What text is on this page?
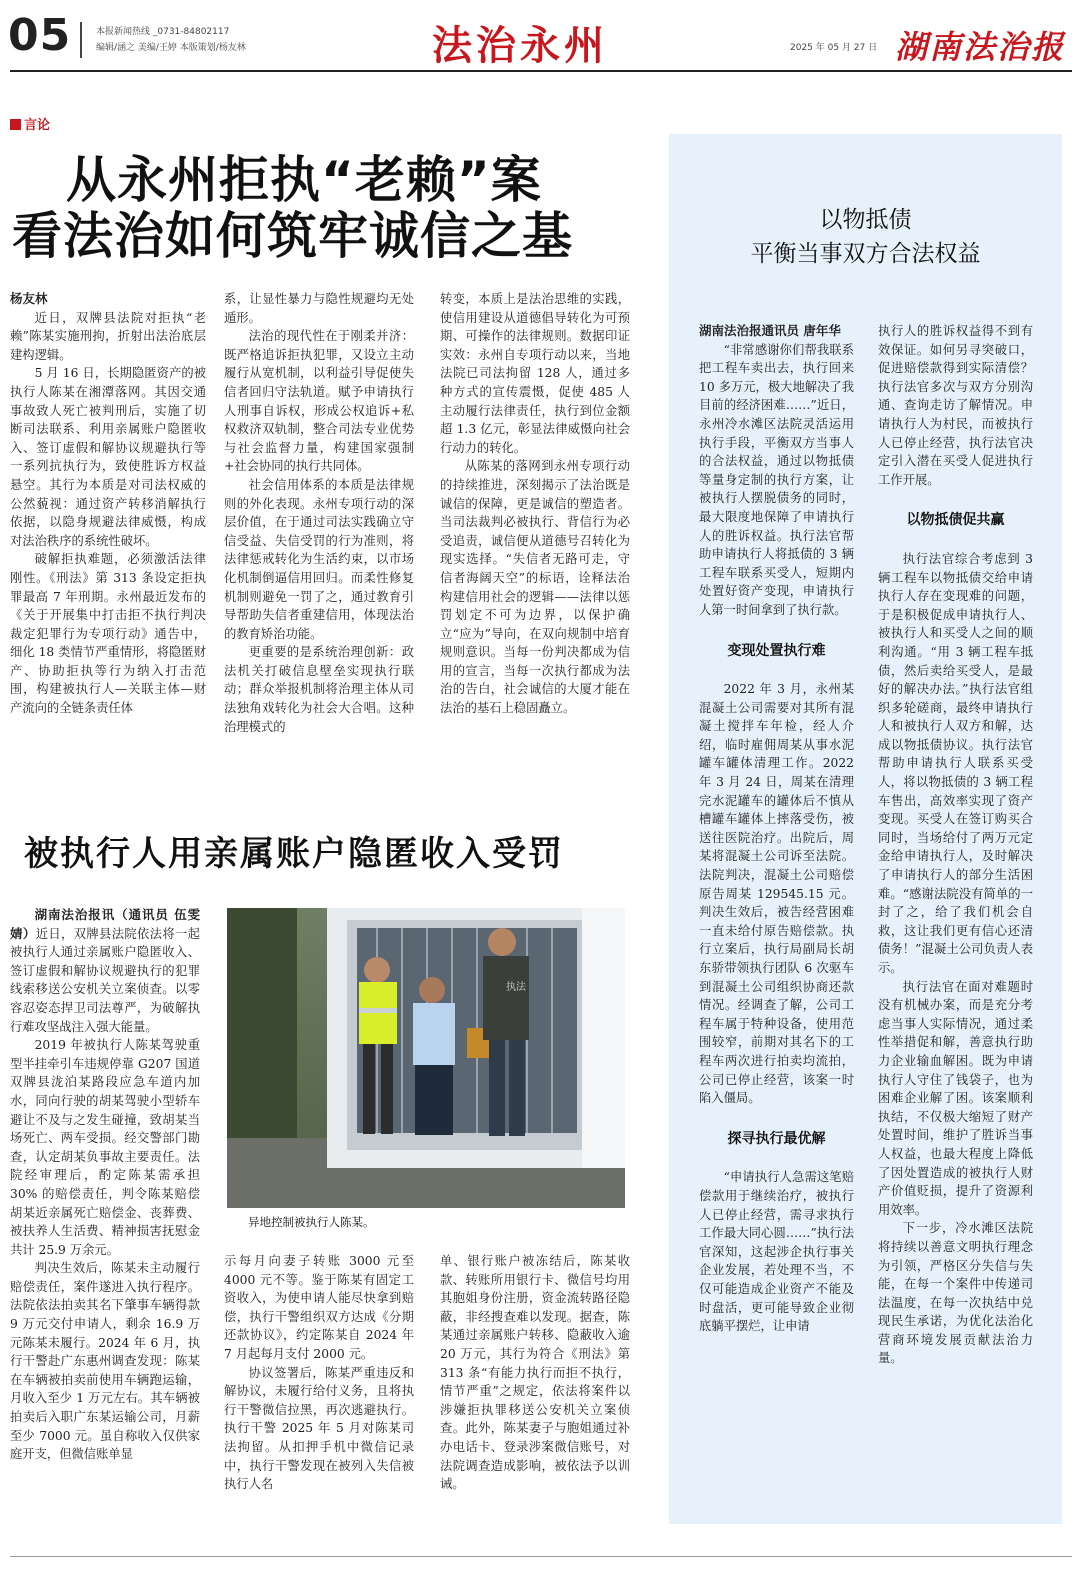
05	本报新闻热线 _0731-84802117
编辑/涵之 美编/王婷 本版策划/杨友林	法治永州	2025 年 05 月 27 日 湖南法治报
言论
从永州拒执“老赖”案
看法治如何筑牢诚信之基
杨友林

近日，双牌县法院对拒执“老赖”陈某实施刑拘，折射出法治底层建构逻辑。

5 月 16 日，长期隐匿资产的被执行人陈某在湘潭落网。其因交通事故致人死亡被判刑后，实施了切断司法联系、利用亲属账户隐匿收入、签订虚假和解协议规避执行等一系列抗执行为，致使胜诉方权益悬空。其行为本质是对司法权威的公然藐视：通过资产转移消解执行依据，以隐身规避法律威慑，构成对法治秩序的系统性破坏。

破解拒执难题，必须激活法律刚性。《刑法》第 313 条设定拒执罪最高 7 年刑期。永州最近发布的《关于开展集中打击拒不执行判决裁定犯罪行为专项行动》通告中，细化 18 类情节严重情形，将隐匿财产、协助拒执等行为纳入打击范围，构建被执行人—关联主体—财产流向的全链条责任体

系，让显性暴力与隐性规避均无处遁形。

法治的现代性在于刚柔并济：既严格追诉拒执犯罪，又设立主动履行从宽机制，以利益引导促使失信者回归守法轨道。赋予申请执行人刑事自诉权，形成公权追诉+私权救济双轨制，整合司法专业优势与社会监督力量，构建国家强制+社会协同的执行共同体。

社会信用体系的本质是法律规则的外化表现。永州专项行动的深层价值，在于通过司法实践确立守信受益、失信受罚的行为准则，将法律惩戒转化为生活约束，以市场化机制倒逼信用回归。而柔性修复机制则避免一罚了之，通过教育引导帮助失信者重建信用，体现法治的教育矫治功能。

更重要的是系统治理创新：政法机关打破信息壁垒实现执行联动；群众举报机制将治理主体从司法独角戏转化为社会大合唱。这种治理模式的

转变，本质上是法治思维的实践，使信用建设从道德倡导转化为可预期、可操作的法律规则。数据印证实效：永州自专项行动以来，当地法院已司法拘留 128 人，通过多种方式的宣传震慑，促使 485 人主动履行法律责任，执行到位金额超 1.3 亿元，彰显法律威慑向社会行动力的转化。

从陈某的落网到永州专项行动的持续推进，深刻揭示了法治既是诚信的保障，更是诚信的塑造者。当司法裁判必被执行、背信行为必受追责，诚信便从道德号召转化为现实选择。“失信者无路可走，守信者海阔天空”的标语，诠释法治构建信用社会的逻辑——法律以惩罚划定不可为边界，以保护确立“应为”导向，在双向规制中培育规则意识。当每一份判决都成为信用的宣言，当每一次执行都成为法治的告白，社会诚信的大厦才能在法治的基石上稳固矗立。

被执行人用亲属账户隐匿收入受罚

湖南法治报讯（通讯员 伍雯婧）近日，双牌县法院依法将一起被执行人通过亲属账户隐匿收入、签订虚假和解协议规避执行的犯罪线索移送公安机关立案侦查。以零容忍姿态捍卫司法尊严，为破解执行难攻坚战注入强大能量。

2019 年被执行人陈某驾驶重型半挂牵引车违规停靠 G207 国道双牌县泷泊某路段应急车道内加水，同向行驶的胡某驾驶小型轿车避让不及与之发生碰撞，致胡某当场死亡、两车受损。经交警部门勘查，认定胡某负事故主要责任。法院经审理后，酌定陈某需承担 30% 的赔偿责任，判令陈某赔偿胡某近亲属死亡赔偿金、丧葬费、被扶养人生活费、精神损害抚慰金共计 25.9 万余元。

判决生效后，陈某未主动履行赔偿责任，案件遂进入执行程序。法院依法拍卖其名下肇事车辆得款 9 万元交付申请人，剩余 16.9 万元陈某未履行。2024 年 6 月，执行干警赴广东惠州调查发现：陈某在车辆被拍卖前使用车辆跑运输，月收入至少 1 万元左右。其车辆被拍卖后入职广东某运输公司，月薪至少 7000 元。虽自称收入仅供家庭开支，但微信账单显

执法
异地控制被执行人陈某。

示每月向妻子转账 3000 元至 4000 元不等。鉴于陈某有固定工资收入，为使申请人能尽快拿到赔偿，执行干警组织双方达成《分期还款协议》，约定陈某自 2024 年 7 月起每月支付 2000 元。

协议签署后，陈某严重违反和解协议，未履行给付义务，且将执行干警微信拉黑，再次逃避执行。执行干警 2025 年 5 月对陈某司法拘留。从扣押手机中微信记录中，执行干警发现在被列入失信被执行人名

单、银行账户被冻结后，陈某收款、转账所用银行卡、微信号均用其胞姐身份注册，资金流转路径隐蔽，非经搜查难以发现。据查，陈某通过亲属账户转移、隐蔽收入逾 20 万元，其行为符合《刑法》第 313 条“有能力执行而拒不执行，情节严重”之规定，依法将案件以涉嫌拒执罪移送公安机关立案侦查。此外，陈某妻子与胞姐通过补办电话卡、登录涉案微信账号，对法院调查造成影响，被依法予以训诫。

以物抵债
平衡当事双方合法权益
湖南法治报通讯员 唐年华

“非常感谢你们帮我联系把工程车卖出去，执行回来 10 多万元，极大地解决了我目前的经济困难……”近日，永州冷水滩区法院灵活运用执行手段，平衡双方当事人的合法权益，通过以物抵债等量身定制的执行方案，让被执行人摆脱债务的同时，最大限度地保障了申请执行人的胜诉权益。执行法官帮助申请执行人将抵债的 3 辆工程车联系买受人，短期内处置好资产变现，申请执行人第一时间拿到了执行款。

变现处置执行难

2022 年 3 月，永州某混凝土公司需要对其所有混凝土搅拌车年检，经人介绍，临时雇佣周某从事水泥罐车罐体清理工作。2022 年 3 月 24 日，周某在清理完水泥罐车的罐体后不慎从槽罐车罐体上摔落受伤，被送往医院治疗。出院后，周某将混凝土公司诉至法院。法院判决，混凝土公司赔偿原告周某 129545.15 元。判决生效后，被告经营困难一直未给付原告赔偿款。执行立案后，执行局副局长胡东骄带领执行团队 6 次驱车到混凝土公司组织协商还款情况。经调查了解，公司工程车属于特种设备，使用范围较窄，前期对其名下的工程车两次进行拍卖均流拍，公司已停止经营，该案一时陷入僵局。

探寻执行最优解

“申请执行人急需这笔赔偿款用于继续治疗，被执行人已停止经营，需寻求执行工作最大同心圆……”执行法官深知，这起涉企执行事关企业发展，若处理不当，不仅可能造成企业资产不能及时盘活，更可能导致企业彻底躺平摆烂，让申请

执行人的胜诉权益得不到有效保证。如何另寻突破口，促进赔偿款得到实际清偿？执行法官多次与双方分别沟通、查询走访了解情况。申请执行人为村民，而被执行人已停止经营，执行法官决定引入潜在买受人促进执行工作开展。

以物抵债促共赢

执行法官综合考虑到 3 辆工程车以物抵债交给申请执行人存在变现难的问题，于是积极促成申请执行人、被执行人和买受人之间的顺利沟通。“用 3 辆工程车抵债，然后卖给买受人，是最好的解决办法。”执行法官组织多轮磋商，最终申请执行人和被执行人双方和解，达成以物抵债协议。执行法官帮助申请执行人联系买受人，将以物抵债的 3 辆工程车售出，高效率实现了资产变现。买受人在签订购买合同时，当场给付了两万元定金给申请执行人，及时解决了申请执行人的部分生活困难。“感谢法院没有简单的一封了之，给了我们机会自救，这让我们更有信心还清债务！”混凝土公司负责人表示。

执行法官在面对难题时没有机械办案，而是充分考虑当事人实际情况，通过柔性举措促和解，善意执行助力企业输血解困。既为申请执行人守住了钱袋子，也为困难企业解了困。该案顺利执结，不仅极大缩短了财产处置时间，维护了胜诉当事人权益，也最大程度上降低了因处置造成的被执行人财产价值贬损，提升了资源利用效率。

下一步，冷水滩区法院将持续以善意文明执行理念为引领，严格区分失信与失能，在每一个案件中传递司法温度，在每一次执结中兑现民生承诺，为优化法治化营商环境发展贡献法治力量。
